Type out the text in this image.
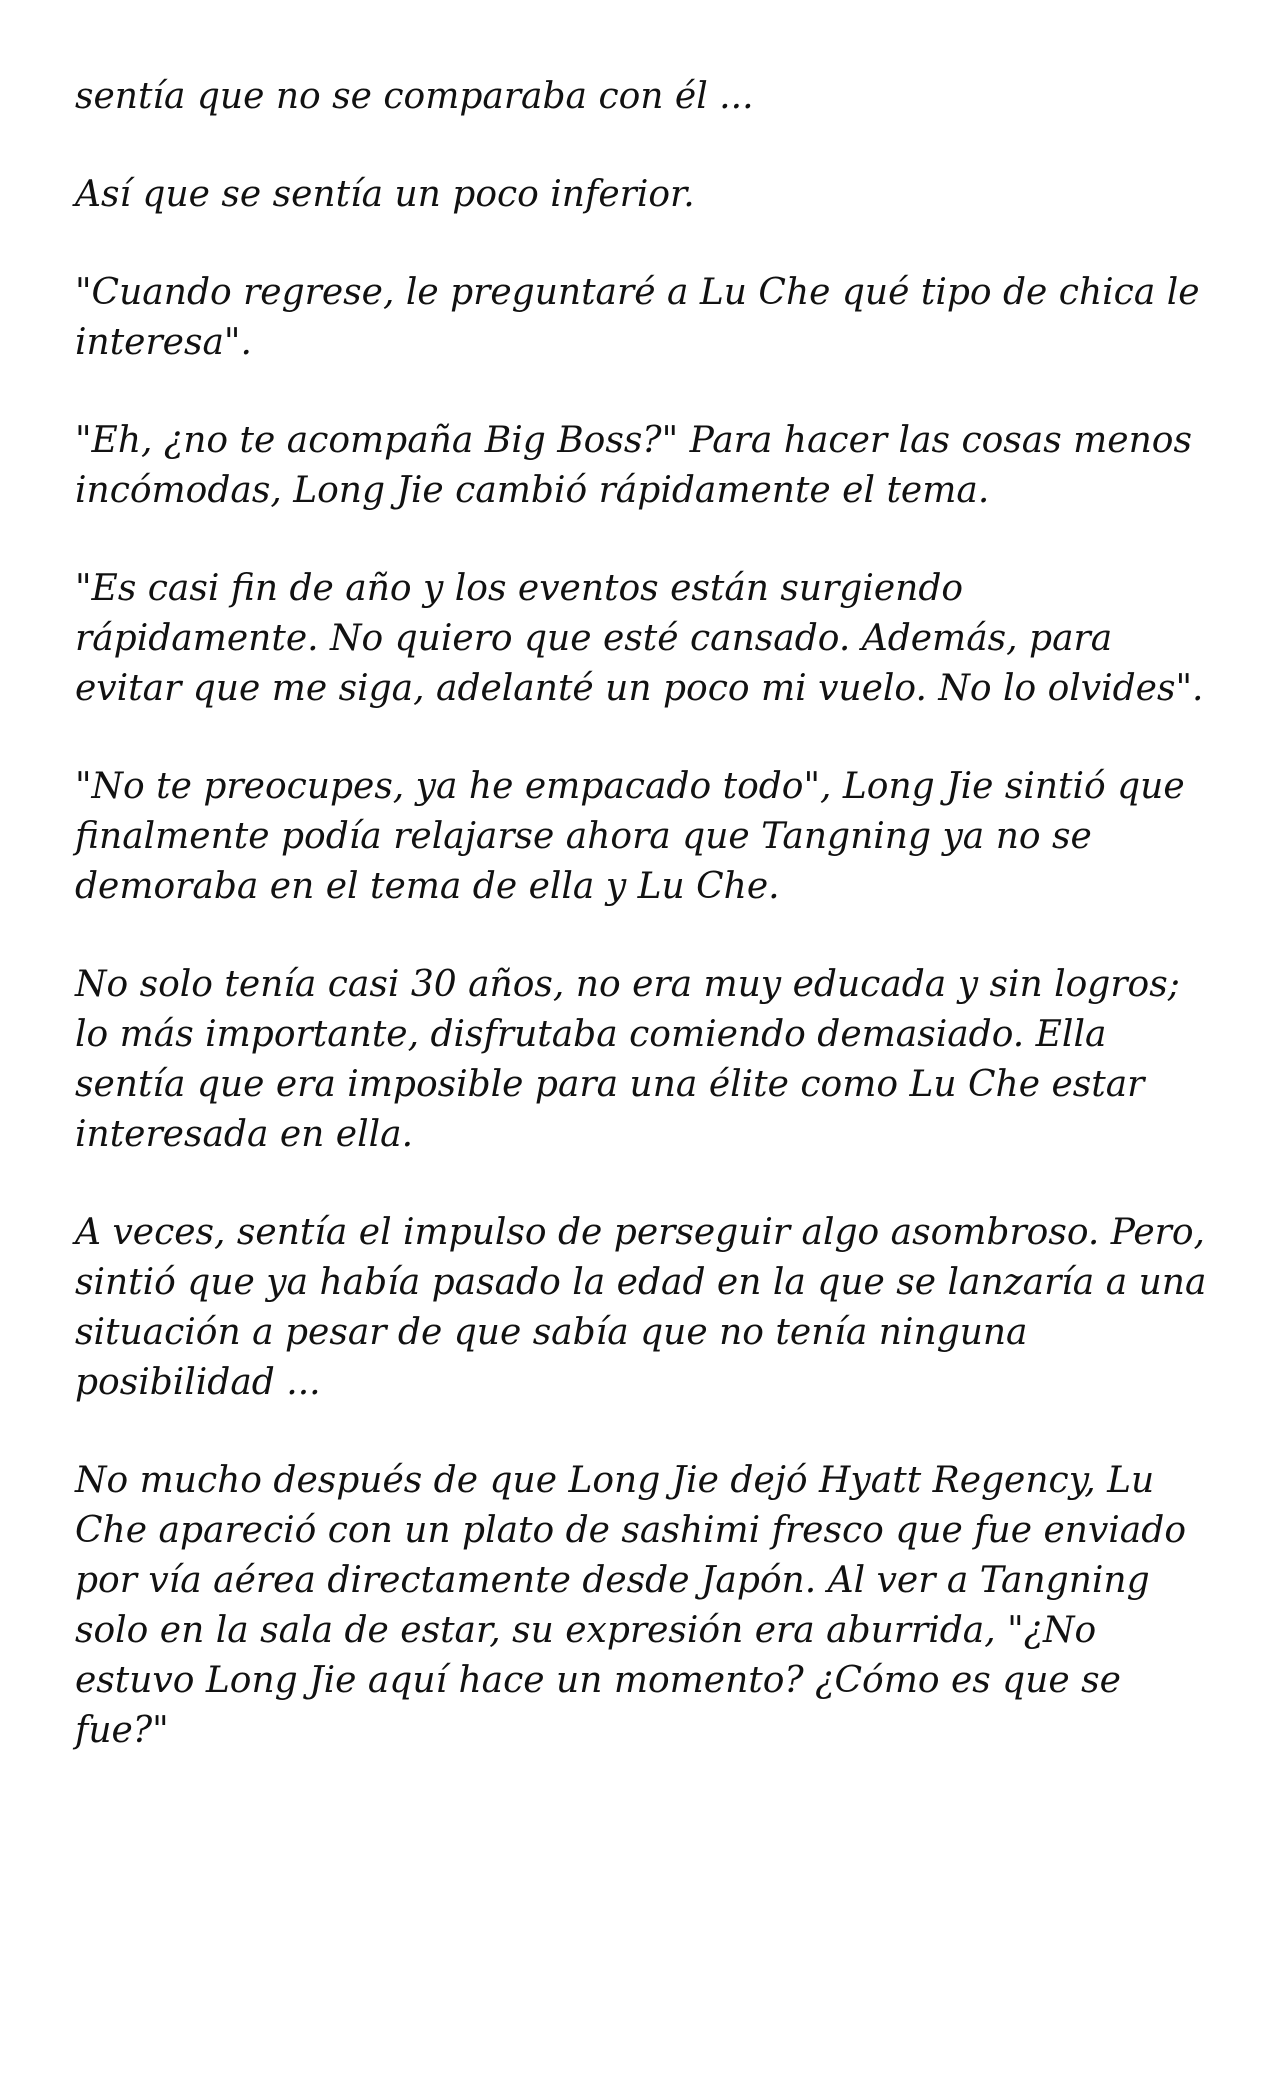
sentía que no se comparaba con él ...

Así que se sentía un poco inferior.

"Cuando regrese, le preguntaré a Lu Che qué tipo de chica le interesa".

"Eh, ¿no te acompaña Big Boss?" Para hacer las cosas menos incómodas, Long Jie cambió rápidamente el tema.

"Es casi fin de año y los eventos están surgiendo rápidamente. No quiero que esté cansado. Además, para evitar que me siga, adelanté un poco mi vuelo. No lo olvides".

"No te preocupes, ya he empacado todo", Long Jie sintió que finalmente podía relajarse ahora que Tangning ya no se demoraba en el tema de ella y Lu Che.

No solo tenía casi 30 años, no era muy educada y sin logros; lo más importante, disfrutaba comiendo demasiado. Ella sentía que era imposible para una élite como Lu Che estar interesada en ella.

A veces, sentía el impulso de perseguir algo asombroso. Pero, sintió que ya había pasado la edad en la que se lanzaría a una situación a pesar de que sabía que no tenía ninguna posibilidad ...

No mucho después de que Long Jie dejó Hyatt Regency, Lu Che apareció con un plato de sashimi fresco que fue enviado por vía aérea directamente desde Japón. Al ver a Tangning solo en la sala de estar, su expresión era aburrida, "¿No estuvo Long Jie aquí hace un momento? ¿Cómo es que se fue?"
